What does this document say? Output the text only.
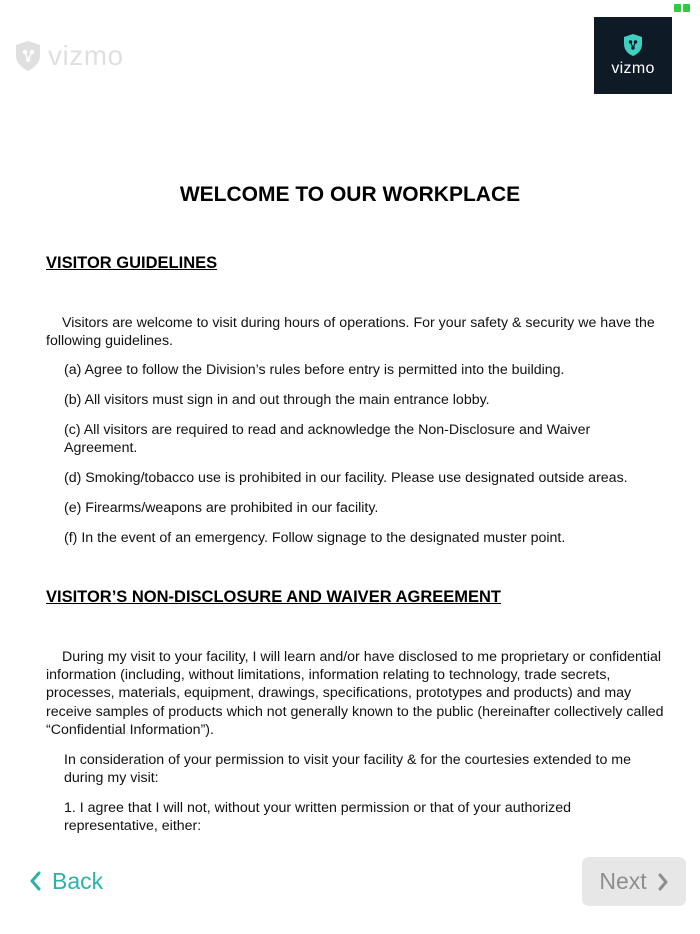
vizmo	vizmo
WELCOME TO OUR WORKPLACE
VISITOR GUIDELINES
Visitors are welcome to visit during hours of operations. For your safety & security we have the following guidelines.
(a) Agree to follow the Division’s rules before entry is permitted into the building.
(b) All visitors must sign in and out through the main entrance lobby.
(c) All visitors are required to read and acknowledge the Non-Disclosure and Waiver Agreement.
(d) Smoking/tobacco use is prohibited in our facility. Please use designated outside areas.
(e) Firearms/weapons are prohibited in our facility.
(f) In the event of an emergency. Follow signage to the designated muster point.
VISITOR’S NON-DISCLOSURE AND WAIVER AGREEMENT
During my visit to your facility, I will learn and/or have disclosed to me proprietary or confidential information (including, without limitations, information relating to technology, trade secrets, processes, materials, equipment, drawings, specifications, prototypes and products) and may receive samples of products which not generally known to the public (hereinafter collectively called “Confidential Information”).
In consideration of your permission to visit your facility & for the courtesies extended to me during my visit:
1. I agree that I will not, without your written permission or that of your authorized representative, either:
Back	Next
